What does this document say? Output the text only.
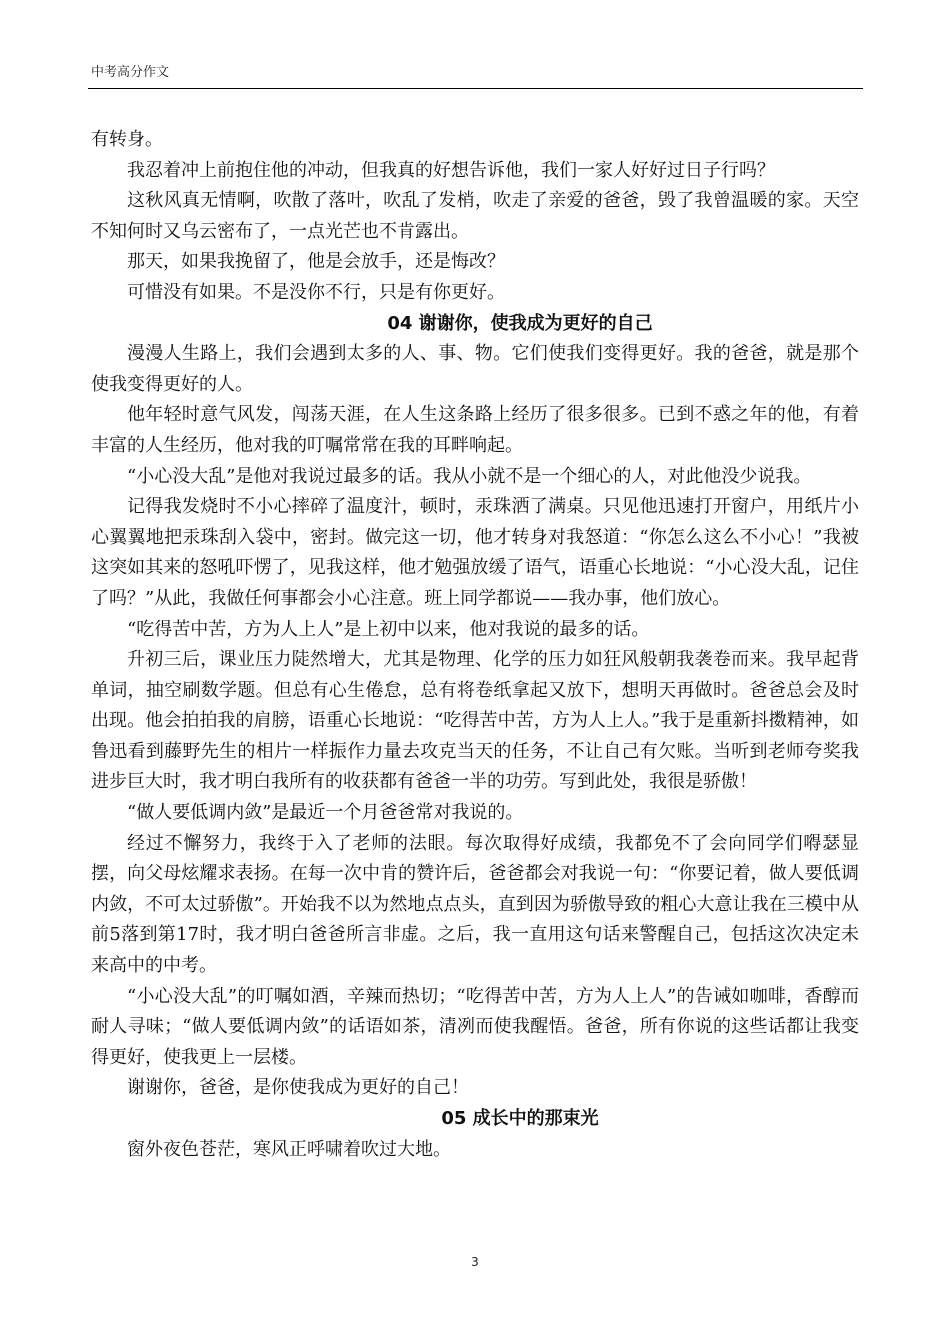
中考高分作文

有转身。

我忍着冲上前抱住他的冲动，但我真的好想告诉他，我们一家人好好过日子行吗？

这秋风真无情啊，吹散了落叶，吹乱了发梢，吹走了亲爱的爸爸，毁了我曾温暖的家。天空不知何时又乌云密布了，一点光芒也不肯露出。

那天，如果我挽留了，他是会放手，还是悔改？

可惜没有如果。不是没你不行，只是有你更好。

04 谢谢你，使我成为更好的自己

漫漫人生路上，我们会遇到太多的人、事、物。它们使我们变得更好。我的爸爸，就是那个使我变得更好的人。

他年轻时意气风发，闯荡天涯，在人生这条路上经历了很多很多。已到不惑之年的他，有着丰富的人生经历，他对我的叮嘱常常在我的耳畔响起。

“小心没大乱”是他对我说过最多的话。我从小就不是一个细心的人，对此他没少说我。

记得我发烧时不小心摔碎了温度汁，顿时，汞珠洒了满桌。只见他迅速打开窗户，用纸片小心翼翼地把汞珠刮入袋中，密封。做完这一切，他才转身对我怒道：“你怎么这么不小心！”我被这突如其来的怒吼吓愣了，见我这样，他才勉强放缓了语气，语重心长地说：“小心没大乱，记住了吗？”从此，我做任何事都会小心注意。班上同学都说——我办事，他们放心。

“吃得苦中苦，方为人上人”是上初中以来，他对我说的最多的话。

升初三后，课业压力陡然增大，尤其是物理、化学的压力如狂风般朝我袭卷而来。我早起背单词，抽空刷数学题。但总有心生倦怠，总有将卷纸拿起又放下，想明天再做时。爸爸总会及时出现。他会拍拍我的肩膀，语重心长地说：“吃得苦中苦，方为人上人。”我于是重新抖擞精神，如鲁迅看到藤野先生的相片一样振作力量去攻克当天的任务，不让自己有欠账。当听到老师夸奖我进步巨大时，我才明白我所有的收获都有爸爸一半的功劳。写到此处，我很是骄傲！

“做人要低调内敛”是最近一个月爸爸常对我说的。

经过不懈努力，我终于入了老师的法眼。每次取得好成绩，我都免不了会向同学们嘚瑟显摆，向父母炫耀求表扬。在每一次中肯的赞许后，爸爸都会对我说一句：“你要记着，做人要低调内敛，不可太过骄傲”。开始我不以为然地点点头，直到因为骄傲导致的粗心大意让我在三模中从前5落到第17时，我才明白爸爸所言非虚。之后，我一直用这句话来警醒自己，包括这次决定未来高中的中考。

“小心没大乱”的叮嘱如酒，辛辣而热切；“吃得苦中苦，方为人上人”的告诫如咖啡，香醇而耐人寻味；“做人要低调内敛”的话语如茶，清冽而使我醒悟。爸爸，所有你说的这些话都让我变得更好，使我更上一层楼。

谢谢你，爸爸，是你使我成为更好的自己！

05 成长中的那束光

窗外夜色苍茫，寒风正呼啸着吹过大地。

3
